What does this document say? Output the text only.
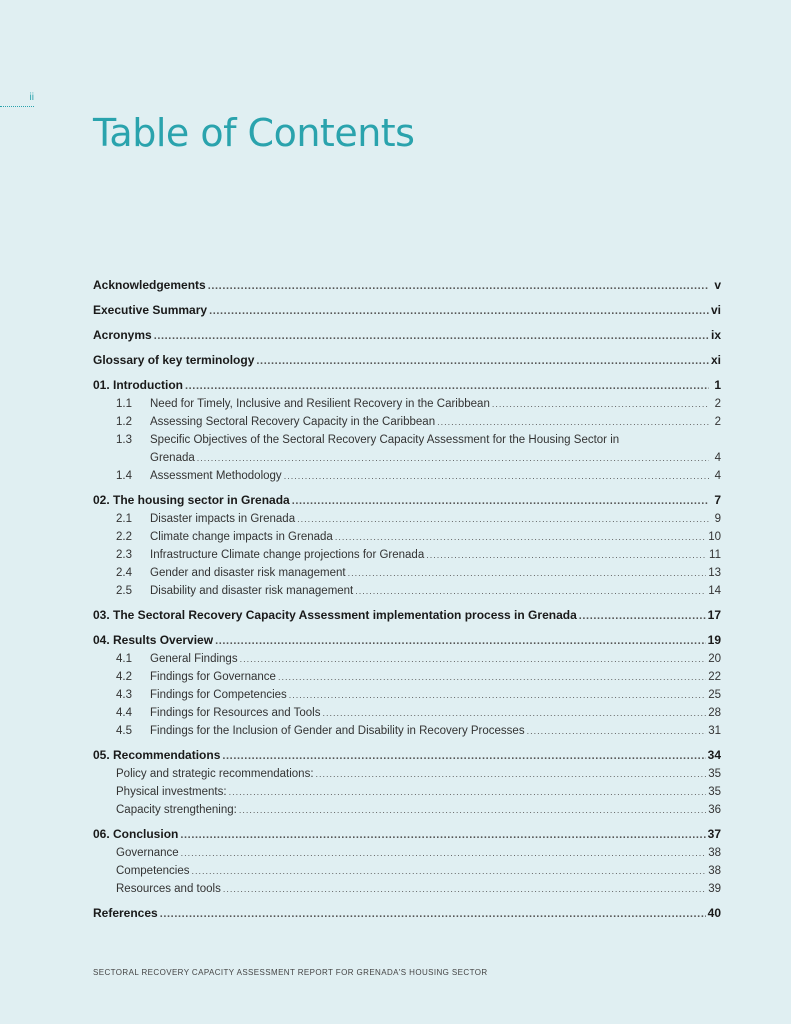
ii
Table of Contents
Acknowledgements .....	v
Executive Summary .....	vi
Acronyms .....	ix
Glossary of key terminology .....	xi
01. Introduction .....	1
1.1 Need for Timely, Inclusive and Resilient Recovery in the Caribbean .....	2
1.2 Assessing Sectoral Recovery Capacity in the Caribbean .....	2
1.3 Specific Objectives of the Sectoral Recovery Capacity Assessment for the Housing Sector in
Grenada .....	4
1.4 Assessment Methodology .....	4
02. The housing sector in Grenada .....	7
2.1 Disaster impacts in Grenada .....	9
2.2 Climate change impacts in Grenada .....	10
2.3 Infrastructure Climate change projections for Grenada .....	11
2.4 Gender and disaster risk management .....	13
2.5 Disability and disaster risk management .....	14
03. The Sectoral Recovery Capacity Assessment implementation process in Grenada .....	17
04. Results Overview .....	19
4.1 General Findings .....	20
4.2 Findings for Governance .....	22
4.3 Findings for Competencies .....	25
4.4 Findings for Resources and Tools .....	28
4.5 Findings for the Inclusion of Gender and Disability in Recovery Processes .....	31
05. Recommendations .....	34
Policy and strategic recommendations: .....	35
Physical investments: .....	35
Capacity strengthening: .....	36
06. Conclusion .....	37
Governance .....	38
Competencies .....	38
Resources and tools .....	39
References .....	40
SECTORAL RECOVERY CAPACITY ASSESSMENT REPORT FOR GRENADA'S HOUSING SECTOR
